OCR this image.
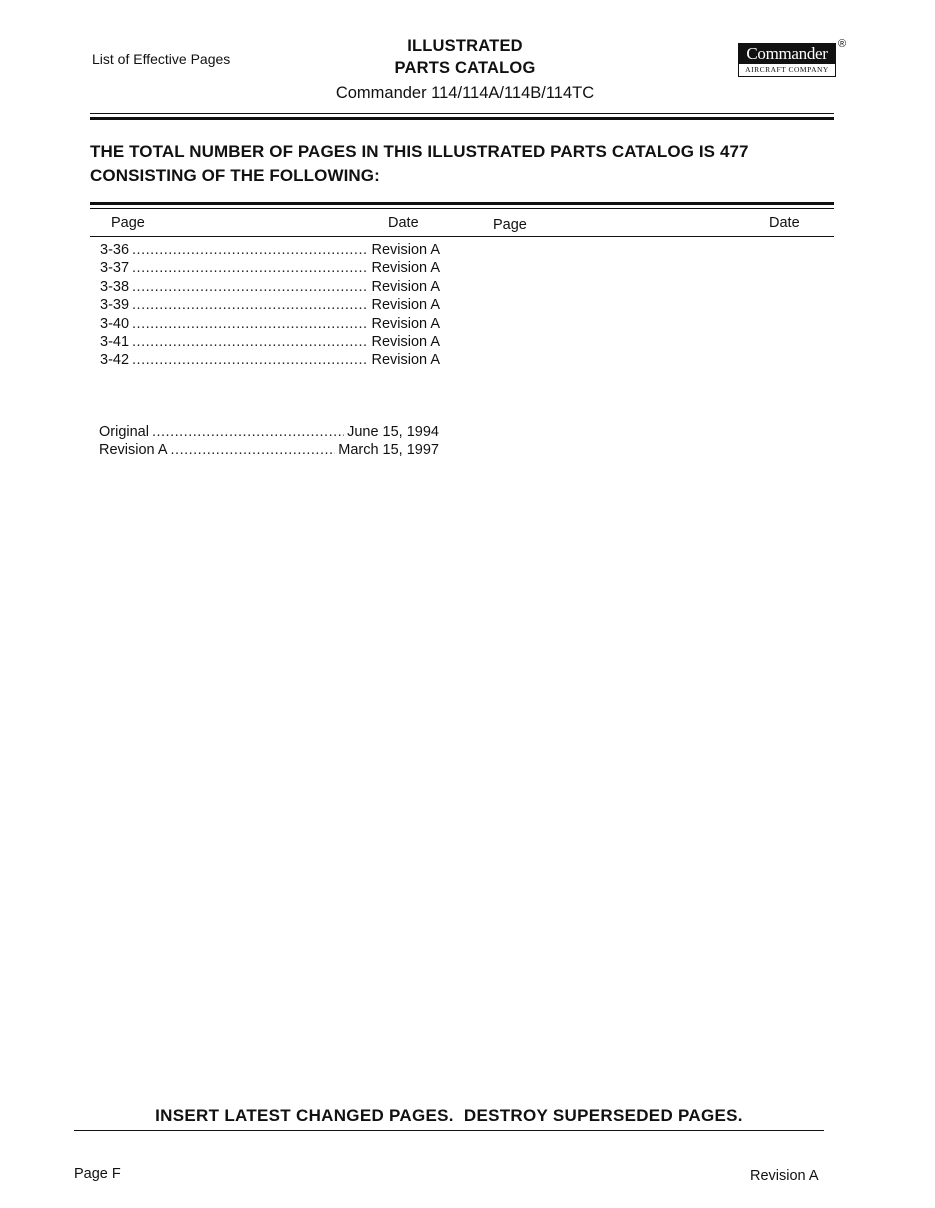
List of Effective Pages
ILLUSTRATED
PARTS CATALOG
Commander 114/114A/114B/114TC
Commander
AIRCRAFT COMPANY
®
THE TOTAL NUMBER OF PAGES IN THIS ILLUSTRATED PARTS CATALOG IS 477
CONSISTING OF THE FOLLOWING:
Page	Date	Page	Date
3-36 .....	Revision A
3-37 .....	Revision A
3-38 .....	Revision A
3-39 .....	Revision A
3-40 .....	Revision A
3-41 .....	Revision A
3-42 .....	Revision A
Original .....	June 15, 1994
Revision A .....	March 15, 1997
INSERT LATEST CHANGED PAGES.  DESTROY SUPERSEDED PAGES.
Page F	Revision A
